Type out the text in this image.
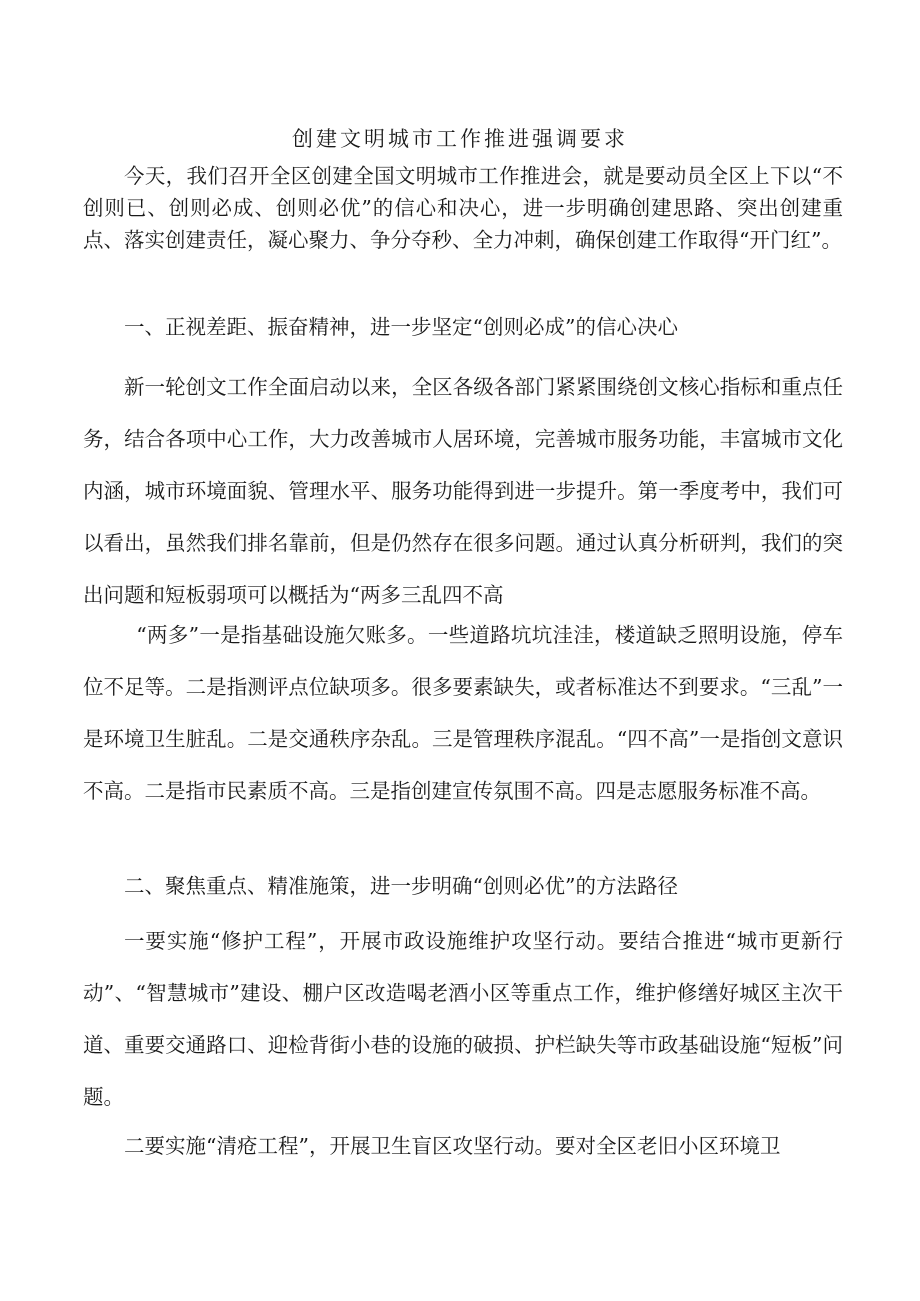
创建文明城市工作推进强调要求

今天，我们召开全区创建全国文明城市工作推进会，就是要动员全区上下以“不创则已、创则必成、创则必优”的信心和决心，进一步明确创建思路、突出创建重点、落实创建责任，凝心聚力、争分夺秒、全力冲刺，确保创建工作取得“开门红”。

一、正视差距、振奋精神，进一步坚定“创则必成”的信心决心

新一轮创文工作全面启动以来，全区各级各部门紧紧围绕创文核心指标和重点任务，结合各项中心工作，大力改善城市人居环境，完善城市服务功能，丰富城市文化内涵，城市环境面貌、管理水平、服务功能得到进一步提升。第一季度考中，我们可以看出，虽然我们排名靠前，但是仍然存在很多问题。通过认真分析研判，我们的突出问题和短板弱项可以概括为“两多三乱四不高

“两多”一是指基础设施欠账多。一些道路坑坑洼洼，楼道缺乏照明设施，停车位不足等。二是指测评点位缺项多。很多要素缺失，或者标准达不到要求。“三乱”一是环境卫生脏乱。二是交通秩序杂乱。三是管理秩序混乱。“四不高”一是指创文意识不高。二是指市民素质不高。三是指创建宣传氛围不高。四是志愿服务标准不高。

二、聚焦重点、精准施策，进一步明确“创则必优”的方法路径

一要实施“修护工程”，开展市政设施维护攻坚行动。要结合推进“城市更新行动”、“智慧城市”建设、棚户区改造喝老酒小区等重点工作，维护修缮好城区主次干道、重要交通路口、迎检背街小巷的设施的破损、护栏缺失等市政基础设施“短板”问题。

二要实施“清疮工程”，开展卫生盲区攻坚行动。要对全区老旧小区环境卫
